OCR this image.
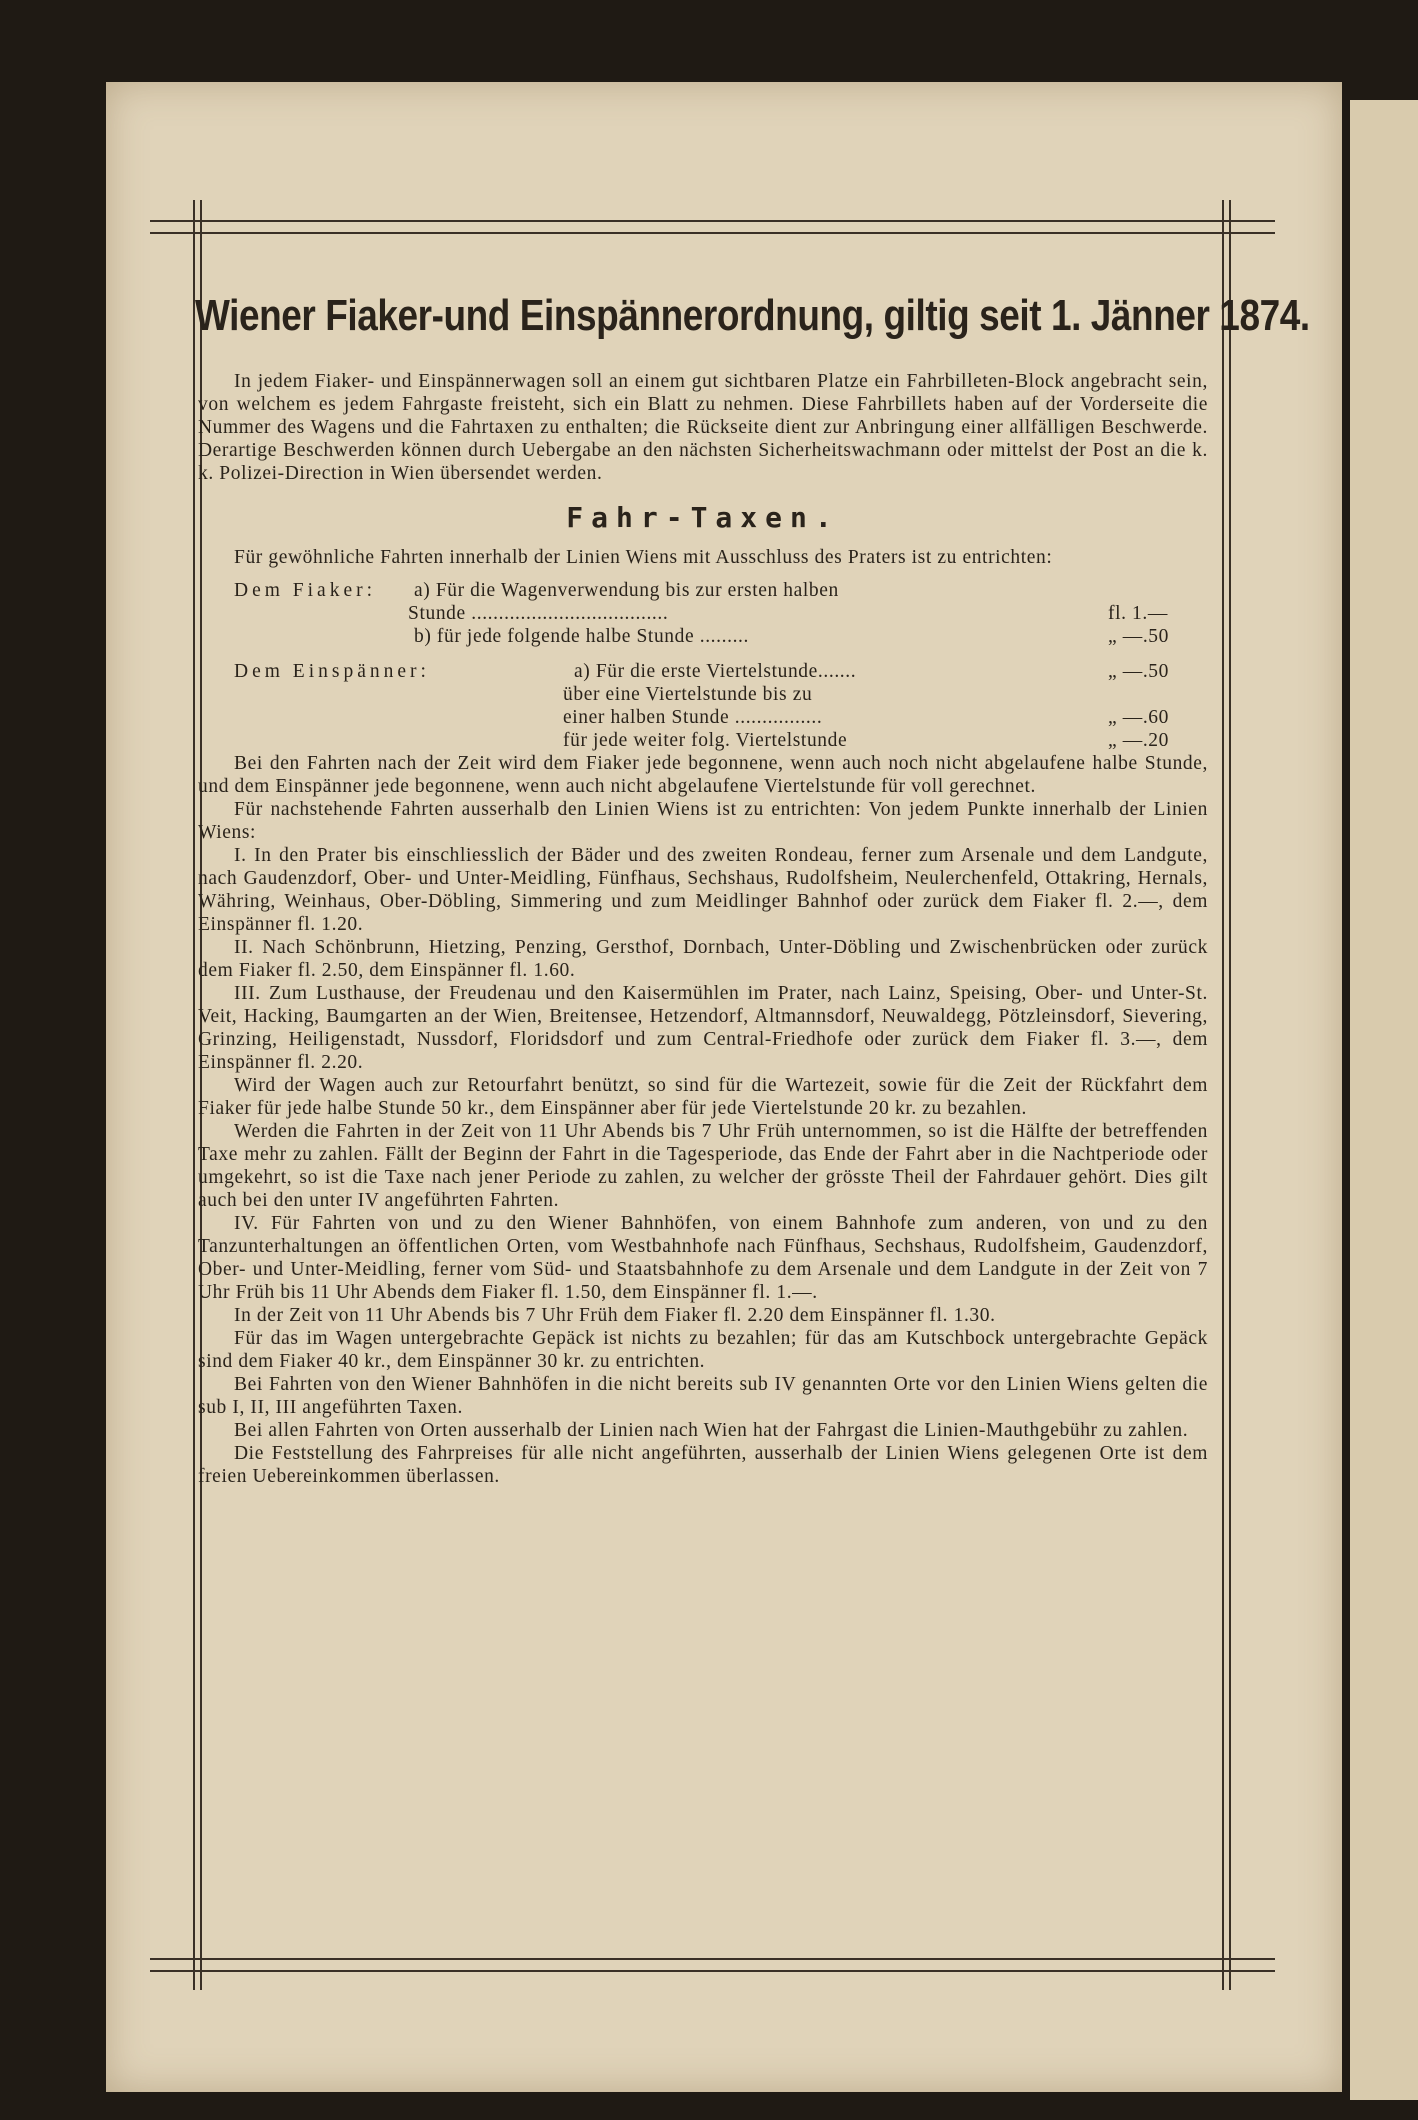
Wiener Fiaker-und Einspännerordnung, giltig seit 1. Jänner 1874.

In jedem Fiaker- und Einspännerwagen soll an einem gut sichtbaren Platze ein Fahrbilleten-Block angebracht sein, von welchem es jedem Fahrgaste freisteht, sich ein Blatt zu nehmen. Diese Fahrbillets haben auf der Vorderseite die Nummer des Wagens und die Fahrtaxen zu enthalten; die Rückseite dient zur Anbringung einer allfälligen Beschwerde. Derartige Beschwerden können durch Uebergabe an den nächsten Sicherheitswachmann oder mittelst der Post an die k. k. Polizei-Direction in Wien übersendet werden.

Fahr-Taxen.

Für gewöhnliche Fahrten innerhalb der Linien Wiens mit Ausschluss des Praters ist zu entrichten:

Dem Fiaker:	a) Für die Wagenverwendung bis zur ersten halben
Stunde ....................................	fl. 1.—
b) für jede folgende halbe Stunde .........	„ —.50
Dem Einspänner:	a) Für die erste Viertelstunde.......	„ —.50
über eine Viertelstunde bis zu
einer halben Stunde ................	„ —.60
für jede weiter folg. Viertelstunde	„ —.20

Bei den Fahrten nach der Zeit wird dem Fiaker jede begonnene, wenn auch noch nicht abgelaufene halbe Stunde, und dem Einspänner jede begonnene, wenn auch nicht abgelaufene Viertelstunde für voll gerechnet.

Für nachstehende Fahrten ausserhalb den Linien Wiens ist zu entrichten: Von jedem Punkte innerhalb der Linien Wiens:

I. In den Prater bis einschliesslich der Bäder und des zweiten Rondeau, ferner zum Arsenale und dem Landgute, nach Gaudenzdorf, Ober- und Unter-Meidling, Fünfhaus, Sechshaus, Rudolfsheim, Neulerchenfeld, Ottakring, Hernals, Währing, Weinhaus, Ober-Döbling, Simmering und zum Meidlinger Bahnhof oder zurück dem Fiaker fl. 2.—, dem Einspänner fl. 1.20.

II. Nach Schönbrunn, Hietzing, Penzing, Gersthof, Dornbach, Unter-Döbling und Zwischenbrücken oder zurück dem Fiaker fl. 2.50, dem Einspänner fl. 1.60.

III. Zum Lusthause, der Freudenau und den Kaisermühlen im Prater, nach Lainz, Speising, Ober- und Unter-St. Veit, Hacking, Baumgarten an der Wien, Breitensee, Hetzendorf, Altmannsdorf, Neuwaldegg, Pötzleinsdorf, Sievering, Grinzing, Heiligenstadt, Nussdorf, Floridsdorf und zum Central-Friedhofe oder zurück dem Fiaker fl. 3.—, dem Einspänner fl. 2.20.

Wird der Wagen auch zur Retourfahrt benützt, so sind für die Wartezeit, sowie für die Zeit der Rückfahrt dem Fiaker für jede halbe Stunde 50 kr., dem Einspänner aber für jede Viertelstunde 20 kr. zu bezahlen.

Werden die Fahrten in der Zeit von 11 Uhr Abends bis 7 Uhr Früh unternommen, so ist die Hälfte der betreffenden Taxe mehr zu zahlen. Fällt der Beginn der Fahrt in die Tagesperiode, das Ende der Fahrt aber in die Nachtperiode oder umgekehrt, so ist die Taxe nach jener Periode zu zahlen, zu welcher der grösste Theil der Fahrdauer gehört. Dies gilt auch bei den unter IV angeführten Fahrten.

IV. Für Fahrten von und zu den Wiener Bahnhöfen, von einem Bahnhofe zum anderen, von und zu den Tanzunterhaltungen an öffentlichen Orten, vom Westbahnhofe nach Fünfhaus, Sechshaus, Rudolfsheim, Gaudenzdorf, Ober- und Unter-Meidling, ferner vom Süd- und Staatsbahnhofe zu dem Arsenale und dem Landgute in der Zeit von 7 Uhr Früh bis 11 Uhr Abends dem Fiaker fl. 1.50, dem Einspänner fl. 1.—.

In der Zeit von 11 Uhr Abends bis 7 Uhr Früh dem Fiaker fl. 2.20 dem Einspänner fl. 1.30.

Für das im Wagen untergebrachte Gepäck ist nichts zu bezahlen; für das am Kutschbock untergebrachte Gepäck sind dem Fiaker 40 kr., dem Einspänner 30 kr. zu entrichten.

Bei Fahrten von den Wiener Bahnhöfen in die nicht bereits sub IV genannten Orte vor den Linien Wiens gelten die sub I, II, III angeführten Taxen.

Bei allen Fahrten von Orten ausserhalb der Linien nach Wien hat der Fahrgast die Linien-Mauthgebühr zu zahlen.

Die Feststellung des Fahrpreises für alle nicht angeführten, ausserhalb der Linien Wiens gelegenen Orte ist dem freien Uebereinkommen überlassen.
